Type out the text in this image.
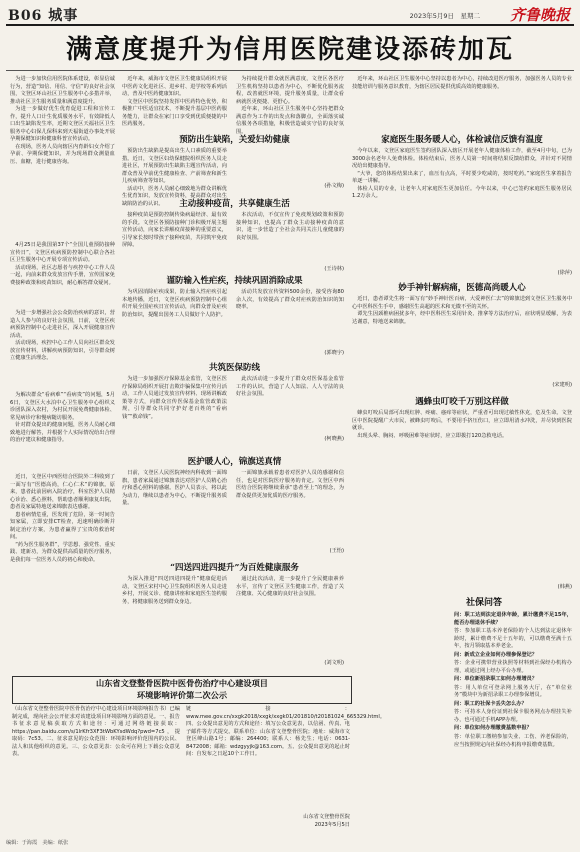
B06 城事	2023年5月9日　星期二 齐鲁晚报
满意度提升为信用医院建设添砖加瓦

为进一步加快信用医院体系建设，彰显信诚行为，营造“知信、用信、守信”的良好社会氛围，文登区环山社区卫生服务中心多措并举，推动社区卫生服务质量和满意度提升。

为进一步做好优生优育促进工程和宣传工作，提升人口计生优质服务水平，有效降低人口出生缺陷发生率，近期文登区天福社区卫生服务中心妇保儿保科来到天福街道办事处开展孕期保健知识和健康科普宣传活动。

在现场，医务人员向辖区内育龄妇女介绍了孕前、孕期保健知识，并为现场群众测量血压、血糖，进行健康咨询。

4月25日是我国第37个“全国儿童预防接种宣传日”，文登区疾病预防控制中心联合各社区卫生服务中心开展专项宣传活动。

活动现场，社区志愿者与疾控中心工作人员一起，向前来群众发放宣传手册，宣传国家免费接种政策和疫苗知识，耐心解答群众疑问。

为进一步增强社会公众防治疾病的意识，营造人人参与的良好社会氛围，日前，文登区疾病预防控制中心走进社区，深入开展健康宣传活动。

活动现场，疾控中心工作人员向社区群众发放宣传材料，讲解疾病预防知识，引导群众树立健康生活理念。

为解决群众“看病难”“看病贵”的问题，5月6日，文登区大水泊中心卫生服务中心组织义诊团队深入农村，为村民开展免费健康体检、常见病诊疗和慢病随访服务。

针对群众提出的健康问题，医务人员耐心细致地进行解答，并根据个人实际情况给出合理的治疗建议和健康指导。

近日，文登区中西医结合医院外二科收到了一面写有“医德高尚，仁心仁术”的锦旗。原来，患者此前因病入院治疗，科室医护人员精心诊治、悉心照料，帮助患者顺利康复出院，患者及家属特地送来锦旗表达感谢。

患者病情危重，医发现了危险，第一时间告知家属，立即安排CT检查，迅速明确诊断并制定治疗方案，为患者赢得了宝贵的救治时间。

“药为医生服务群”，学思想、强党性、重实践、建新功，为群众提供高质量的医疗服务，是我们每一位医务人员的初心和使命。

近年来，威海市文登区卫生健康局组织开展中医药文化进社区、进乡村、进学校等系列活动，普及中医药健康知识。

文登区中医院坚持发挥中医药特色优势，积极推广中医适宜技术，不断提升基层中医药服务能力，让群众在家门口享受到优质便捷的中医药服务。

预防出生缺陷，关爱妇幼健康

预防出生缺陷是提高出生人口素质的重要举措。近日，文登区妇幼保健院组织医务人员走进社区，开展预防出生缺陷主题宣传活动，向群众普及孕前优生健康检查、产前筛查和新生儿疾病筛查等知识。

活动中，医务人员耐心细致地为群众讲解优生优育知识，发放宣传资料，提高群众对出生缺陷防治的认识。	主动接种疫苗，共享健康生活

接种疫苗是预防控制传染病最经济、最有效的手段。文登区各预防接种门诊积极开展主题宣传活动，向家长讲解疫苗接种的重要意义，引导家长按时带孩子接种疫苗，共同筑牢免疫屏障。

谨防输入性疟疾，持续巩固消除成果

为巩固消除疟疾成果，防止输入性疟疾引起本地传播，近日，文登区疾病预防控制中心组织开展全国疟疾日宣传活动，向群众普及疟疾防治知识，提醒出国务工人员做好个人防护。

共筑医保防线

为进一步加强医疗保障基金监管，文登区医疗保障局组织开展打击欺诈骗保集中宣传月活动，工作人员通过发放宣传材料、现场讲解政策等方式，向群众宣传医保基金监管政策法规，引导群众共同守护好老百姓的“看病钱”“救命钱”。

医护暖人心，锦旗送真情

日前，文登区人民医院神经内科收到一面锦旗，患者家属通过锦旗表达对医护人员精心治疗和悉心照料的感谢。医护人员表示，将以此为动力，继续以患者为中心，不断提升服务质量。

“四送四进四提升”为百姓健康服务

为深入推进“四送四进四提升”健康促进活动，文登区宋村中心卫生院组织医务人员走进乡村，开展义诊、健康讲座和家庭医生签约服务，将健康服务送到群众身边。

为持续提升群众就医满意度，文登区各医疗卫生机构坚持以患者为中心，不断优化服务流程，改善就医环境，提升服务质量，让群众看病就医更便捷、更舒心。

近年来，环山社区卫生服务中心坚持把群众满意作为工作的出发点和落脚点，全面落实诚信服务各项措施，积极营造诚实守信的良好氛围。

(孙文梅)

本次活动，不仅宣传了免疫规划政策和预防接种知识，也提高了群众主动接种疫苗的意识，进一步营造了全社会共同关注儿童健康的良好氛围。

(王诗林)

活动共发放宣传资料500余份，接受咨询80余人次，有效提高了群众对疟疾防治知识的知晓率。

(郭晓宇)

此次活动进一步提升了群众对医保基金监管工作的认识，营造了人人知法、人人守法的良好社会氛围。

(柯晓燕)

一面锦旗承载着患者对医护人员的感谢和信任，也是对医院医疗服务的肯定。文登区中西医结合医院将继续秉承“患者至上”的理念，为群众提供更加优质的医疗服务。

(王怡)

通过此次活动，进一步提升了全民健康素养水平，宣传了文登区卫生健康工作，营造了关注健康、关心健康的良好社会氛围。

(刘文明)

近年来，环山社区卫生服务中心坚持以患者为中心，持续改进医疗服务，加强医务人员的专业技能培训与服务意识教育，为辖区居民提供优质高效的健康服务。

家庭医生服务暖人心，体检诚信反馈有温度

今年以来，文登区家庭医生签约团队深入辖区开展老年人健康体检工作，截至4月中旬，已为3000余名老年人免费体检。体检结束后，医务人员第一时间将结果反馈给群众，并针对不同情况给出健康指导。

“大爷，您的体检结果出来了，血压有点高，平时要少吃咸的，按时吃药。”家庭医生拿着报告单逐一讲解。

体检人员的专业，让老年人对家庭医生更加信任。今年以来，中心已签约家庭医生服务居民1.2万余人。

(徐萍)
妙手神针解病痛，医德高尚暖人心

近日，患者谭先生将一面写有“妙手神针医百病，大爱神医仁去”的锦旗送到文登区卫生服务中心中医科医生手中，感谢医生高超的医术和无微不至的关怀。

谭先生因颈椎病困扰多年，经中医科医生采用针灸、推拿等方法治疗后，症状明显缓解，为表达谢意，特地送来锦旗。

(宋建明)
遇蜂虫叮咬千万别这样做

蜂虫叮咬后局部可出现红肿、疼痛、瘙痒等症状，严重者可出现过敏性休克，危及生命。文登区中医院提醒广大市民，被蜂虫叮咬后，不要用手挤压伤口，应立即用清水冲洗，并尽快到医院就诊。

出现头晕、胸闷、呼吸困难等症状时，应立即拨打120急救电话。

(韩燕)
山东省文登整骨医院中医骨伤治疗中心建设项目
环境影响评价第二次公示
（山东省文登整骨医院中医骨伤治疗中心建设项目环境影响报告书）已编制完成，现向社会公开征求对该建设项目环境影响方面的意见。一、报告书征求意见稿获取方式和途径：可通过网络链接获取：https://pan.baidu.com/s/1lrKfr3XF3tWbKYsdWdq?pwd=7c5，提取码：7c53。二、征求意见的公众范围：环境影响评价范围内的公民、法人和其他组织的意见。三、公众意见表：公众可在网上下载公众意见表。
链接：www.mee.gov.cn/xxgk2018/xxgk/xxgk01/201810/t20181024_665329.html。四、公众提出意见的方式和途径：填写公众意见表，以信函、传真、电子邮件等方式提交。联系单位：山东省文登整骨医院；地址：威海市文登区峰山路1号；邮编：264400；联系人：杨先生；电话：0631-8472008；邮箱：wdzgyyjk@163.com。五、公众提出意见的起止时间：自发布之日起10个工作日。
山东省文登整骨医院
2023年5月5日
社保问答

问：职工达到法定退休年龄，累计缴费不足15年，能否办理退休手续？

答：参加职工基本养老保险的个人达到法定退休年龄时，累计缴费不足十五年的，可以缴费至满十五年，按月领取基本养老金。

问：新成立企业如何办理参保登记？

答：企业可携带营业执照等材料到社保经办机构办理，或通过网上经办平台办理。

问：单位新招录职工如何办理增员？

答：用人单位可登录网上服务大厅，在“单位业务”模块中为新招录职工办理参保增员。

问：职工的社保卡丢失怎么办？

答：可持本人身份证到社保卡服务网点办理挂失补办，也可通过手机APP办理。

问：单位如何办理缴费基数申报？

答：单位职工缴纳参加失业、工伤、养老保险的，应当按照规定向社保经办机构申报缴费基数。

编辑：于海霞　美编：纸张　
